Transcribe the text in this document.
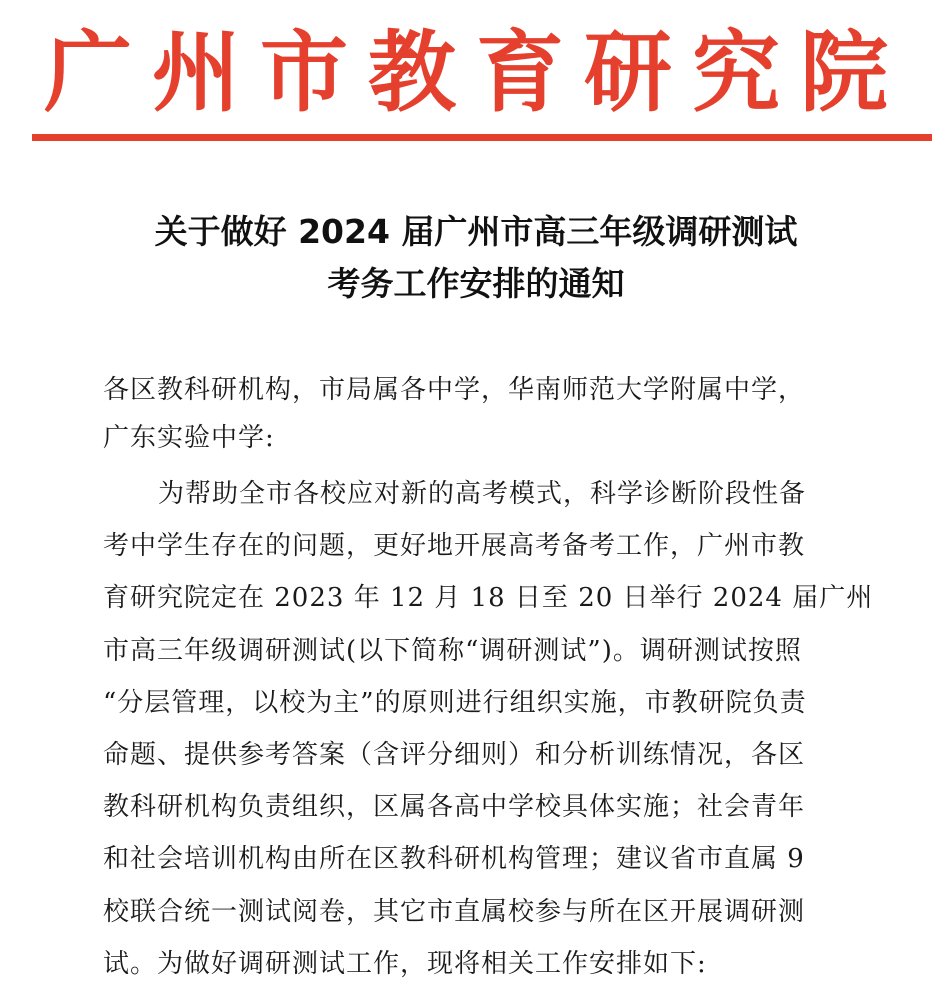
广州市教育研究院
关于做好 2024 届广州市高三年级调研测试
考务工作安排的通知
各区教科研机构，市局属各中学，华南师范大学附属中学，
广东实验中学:
为帮助全市各校应对新的高考模式，科学诊断阶段性备
考中学生存在的问题，更好地开展高考备考工作，广州市教
育研究院定在 2023 年 12 月 18 日至 20 日举行 2024 届广州
市高三年级调研测试(以下简称“调研测试”)。调研测试按照
“分层管理，以校为主”的原则进行组织实施，市教研院负责
命题、提供参考答案（含评分细则）和分析训练情况，各区
教科研机构负责组织，区属各高中学校具体实施；社会青年
和社会培训机构由所在区教科研机构管理；建议省市直属 9
校联合统一测试阅卷，其它市直属校参与所在区开展调研测
试。为做好调研测试工作，现将相关工作安排如下:
